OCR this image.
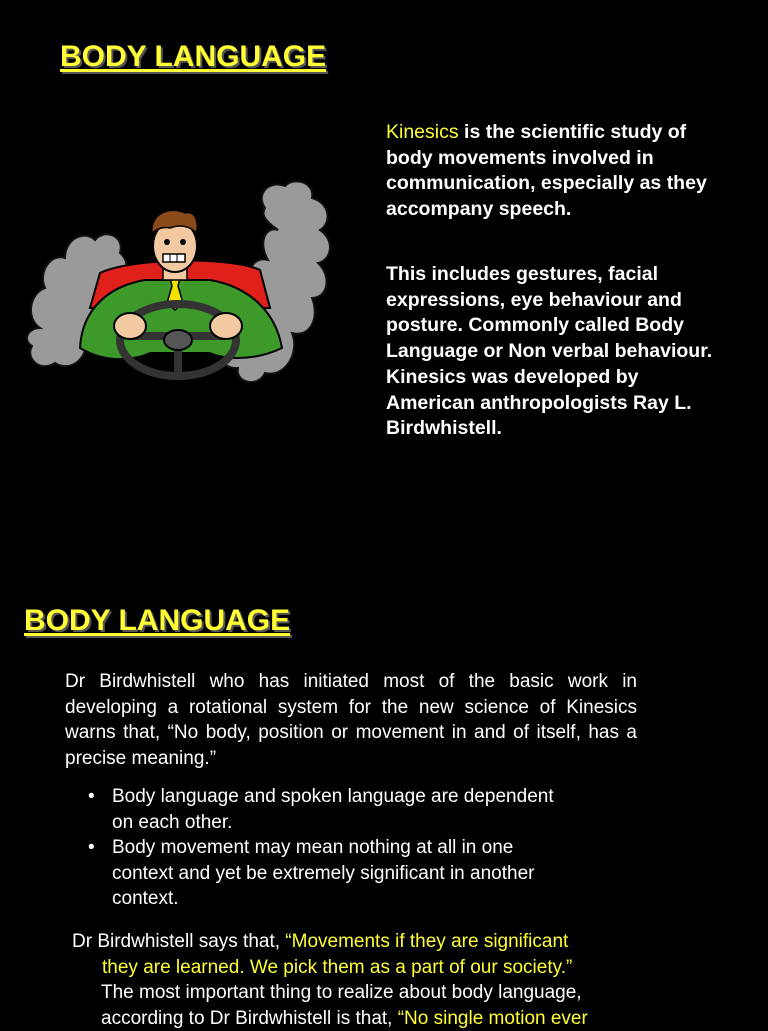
BODY LANGUAGE
Kinesics is the scientific study of body movements involved in communication, especially as they accompany speech.
This includes gestures, facial expressions, eye behaviour and posture. Commonly called Body Language or Non verbal behaviour. Kinesics was developed by American anthropologists Ray L. Birdwhistell.
BODY LANGUAGE
Dr Birdwhistell who has initiated most of the basic work in developing a rotational system for the new science of Kinesics warns that, “No body, position or movement in and of itself, has a precise meaning.”
• Body language and spoken language are dependent on each other.
• Body movement may mean nothing at all in one context and yet be extremely significant in another context.
Dr Birdwhistell says that, “Movements if they are significant
they are learned. We pick them as a part of our society.”
The most important thing to realize about body language,
according to Dr Birdwhistell is that, “No single motion ever
